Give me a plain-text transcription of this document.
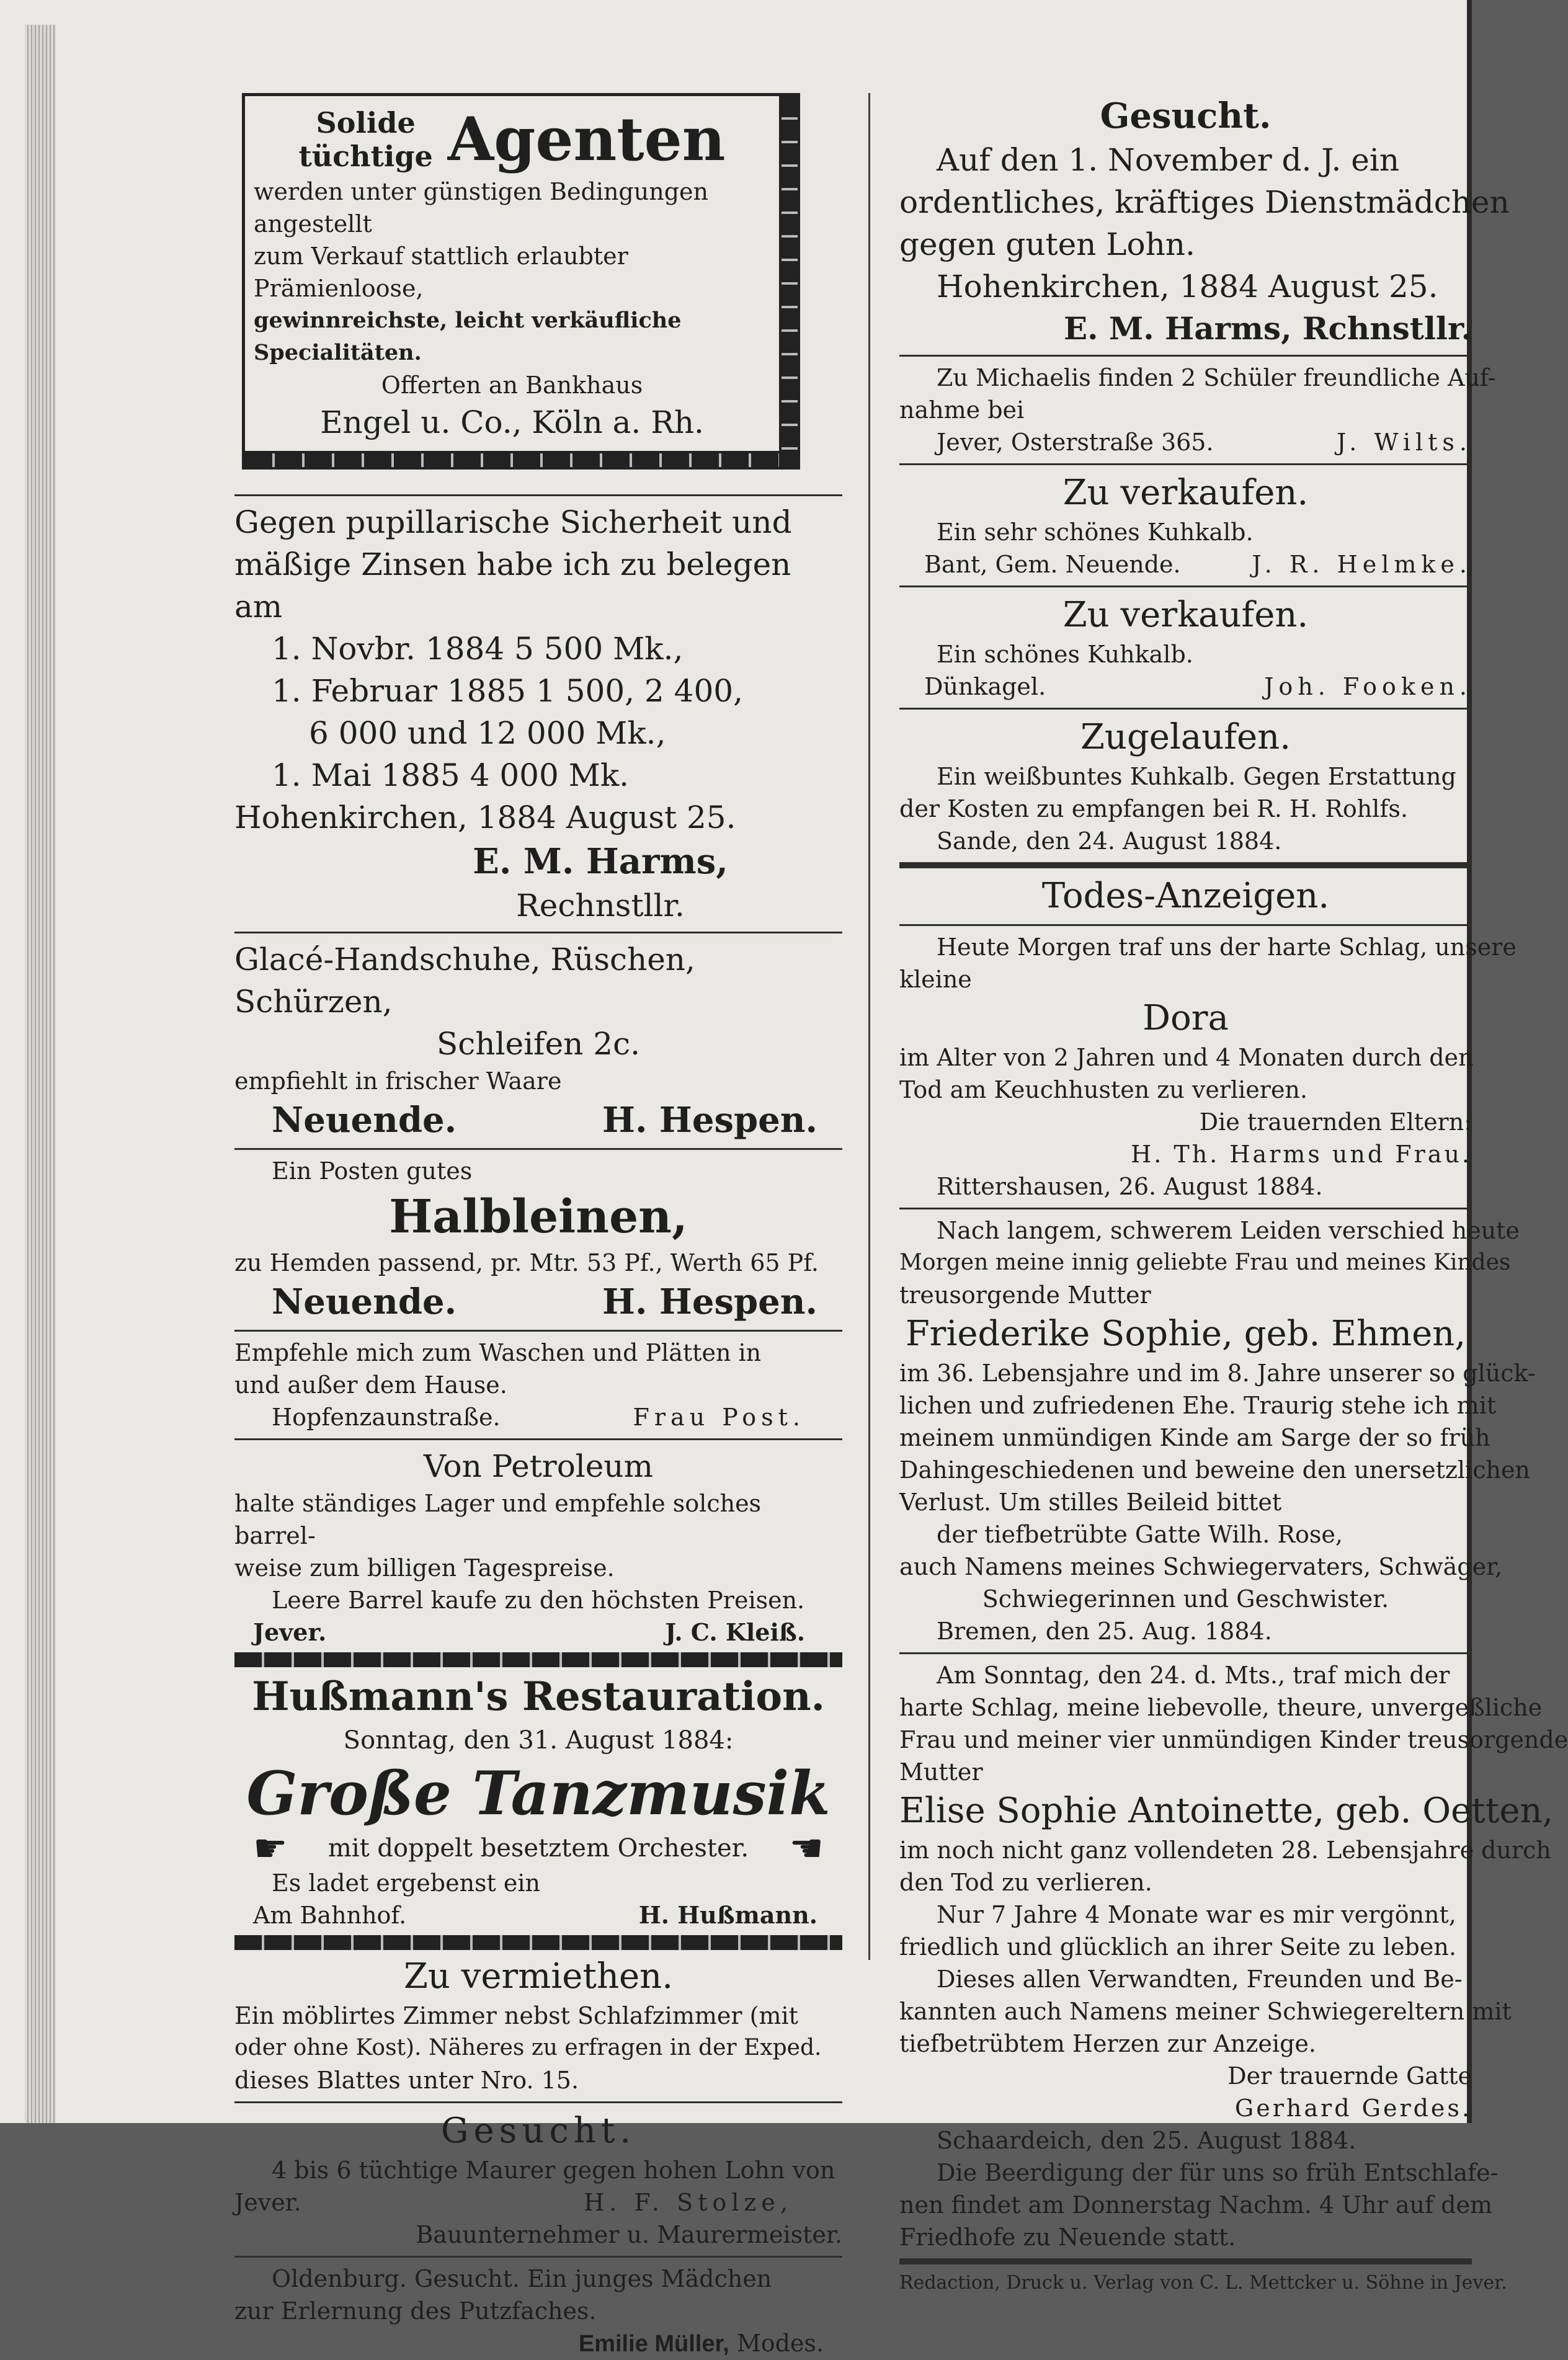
Solide
tüchtige Agenten
werden unter günstigen Bedingungen angestellt
zum Verkauf stattlich erlaubter Prämienloose,
gewinnreichste, leicht verkäufliche Specialitäten.
Offerten an Bankhaus
Engel u. Co., Köln a. Rh.
Gegen pupillarische Sicherheit und
mäßige Zinsen habe ich zu belegen am
1. Novbr. 1884 5 500 Mk.,
1. Februar 1885 1 500, 2 400,
6 000 und 12 000 Mk.,
1. Mai 1885 4 000 Mk.
Hohenkirchen, 1884 August 25.
E. M. Harms,
Rechnstllr.
Glacé-Handschuhe, Rüschen, Schürzen,
Schleifen 2c.
empfiehlt in frischer Waare
Neuende.	H. Hespen.
Ein Posten gutes
Halbleinen,
zu Hemden passend, pr. Mtr. 53 Pf., Werth 65 Pf.
Neuende.	H. Hespen.
Empfehle mich zum Waschen und Plätten in
und außer dem Hause.
Hopfenzaunstraße.	Frau Post.
Von Petroleum
halte ständiges Lager und empfehle solches barrel-
weise zum billigen Tagespreise.
Leere Barrel kaufe zu den höchsten Preisen.
Jever.	J. C. Kleiß.
Hußmann's Restauration.
Sonntag, den 31. August 1884:
Große Tanzmusik
☛ mit doppelt besetztem Orchester. ☚
Es ladet ergebenst ein
Am Bahnhof.	H. Hußmann.
Zu vermiethen.
Ein möblirtes Zimmer nebst Schlafzimmer (mit
oder ohne Kost). Näheres zu erfragen in der Exped.
dieses Blattes unter Nro. 15.
Gesucht.
4 bis 6 tüchtige Maurer gegen hohen Lohn von
Jever.	H. F. Stolze,
Bauunternehmer u. Maurermeister.
Oldenburg. Gesucht. Ein junges Mädchen
zur Erlernung des Putzfaches.
Emilie Müller, Modes.
Gesucht.
Auf den 1. November d. J. ein
ordentliches, kräftiges Dienstmädchen
gegen guten Lohn.
Hohenkirchen, 1884 August 25.
E. M. Harms, Rchnstllr.
Zu Michaelis finden 2 Schüler freundliche Auf-
nahme bei
Jever, Osterstraße 365.	J. Wilts.
Zu verkaufen.
Ein sehr schönes Kuhkalb.
Bant, Gem. Neuende.	J. R. Helmke.
Zu verkaufen.
Ein schönes Kuhkalb.
Dünkagel.	Joh. Fooken.
Zugelaufen.
Ein weißbuntes Kuhkalb. Gegen Erstattung
der Kosten zu empfangen bei R. H. Rohlfs.
Sande, den 24. August 1884.
Todes-Anzeigen.
Heute Morgen traf uns der harte Schlag, unsere
kleine
Dora
im Alter von 2 Jahren und 4 Monaten durch den
Tod am Keuchhusten zu verlieren.
Die trauernden Eltern:
H. Th. Harms und Frau.
Rittershausen, 26. August 1884.
Nach langem, schwerem Leiden verschied heute
Morgen meine innig geliebte Frau und meines Kindes
treusorgende Mutter
Friederike Sophie, geb. Ehmen,
im 36. Lebensjahre und im 8. Jahre unserer so glück-
lichen und zufriedenen Ehe. Traurig stehe ich mit
meinem unmündigen Kinde am Sarge der so früh
Dahingeschiedenen und beweine den unersetzlichen
Verlust. Um stilles Beileid bittet
der tiefbetrübte Gatte Wilh. Rose,
auch Namens meines Schwiegervaters, Schwäger,
Schwiegerinnen und Geschwister.
Bremen, den 25. Aug. 1884.
Am Sonntag, den 24. d. Mts., traf mich der
harte Schlag, meine liebevolle, theure, unvergeßliche
Frau und meiner vier unmündigen Kinder treusorgende
Mutter
Elise Sophie Antoinette, geb. Oetten,
im noch nicht ganz vollendeten 28. Lebensjahre durch
den Tod zu verlieren.
Nur 7 Jahre 4 Monate war es mir vergönnt,
friedlich und glücklich an ihrer Seite zu leben.
Dieses allen Verwandten, Freunden und Be-
kannten auch Namens meiner Schwiegereltern mit
tiefbetrübtem Herzen zur Anzeige.
Der trauernde Gatte
Gerhard Gerdes.
Schaardeich, den 25. August 1884.
Die Beerdigung der für uns so früh Entschlafe-
nen findet am Donnerstag Nachm. 4 Uhr auf dem
Friedhofe zu Neuende statt.
Redaction, Druck u. Verlag von C. L. Mettcker u. Söhne in Jever.
